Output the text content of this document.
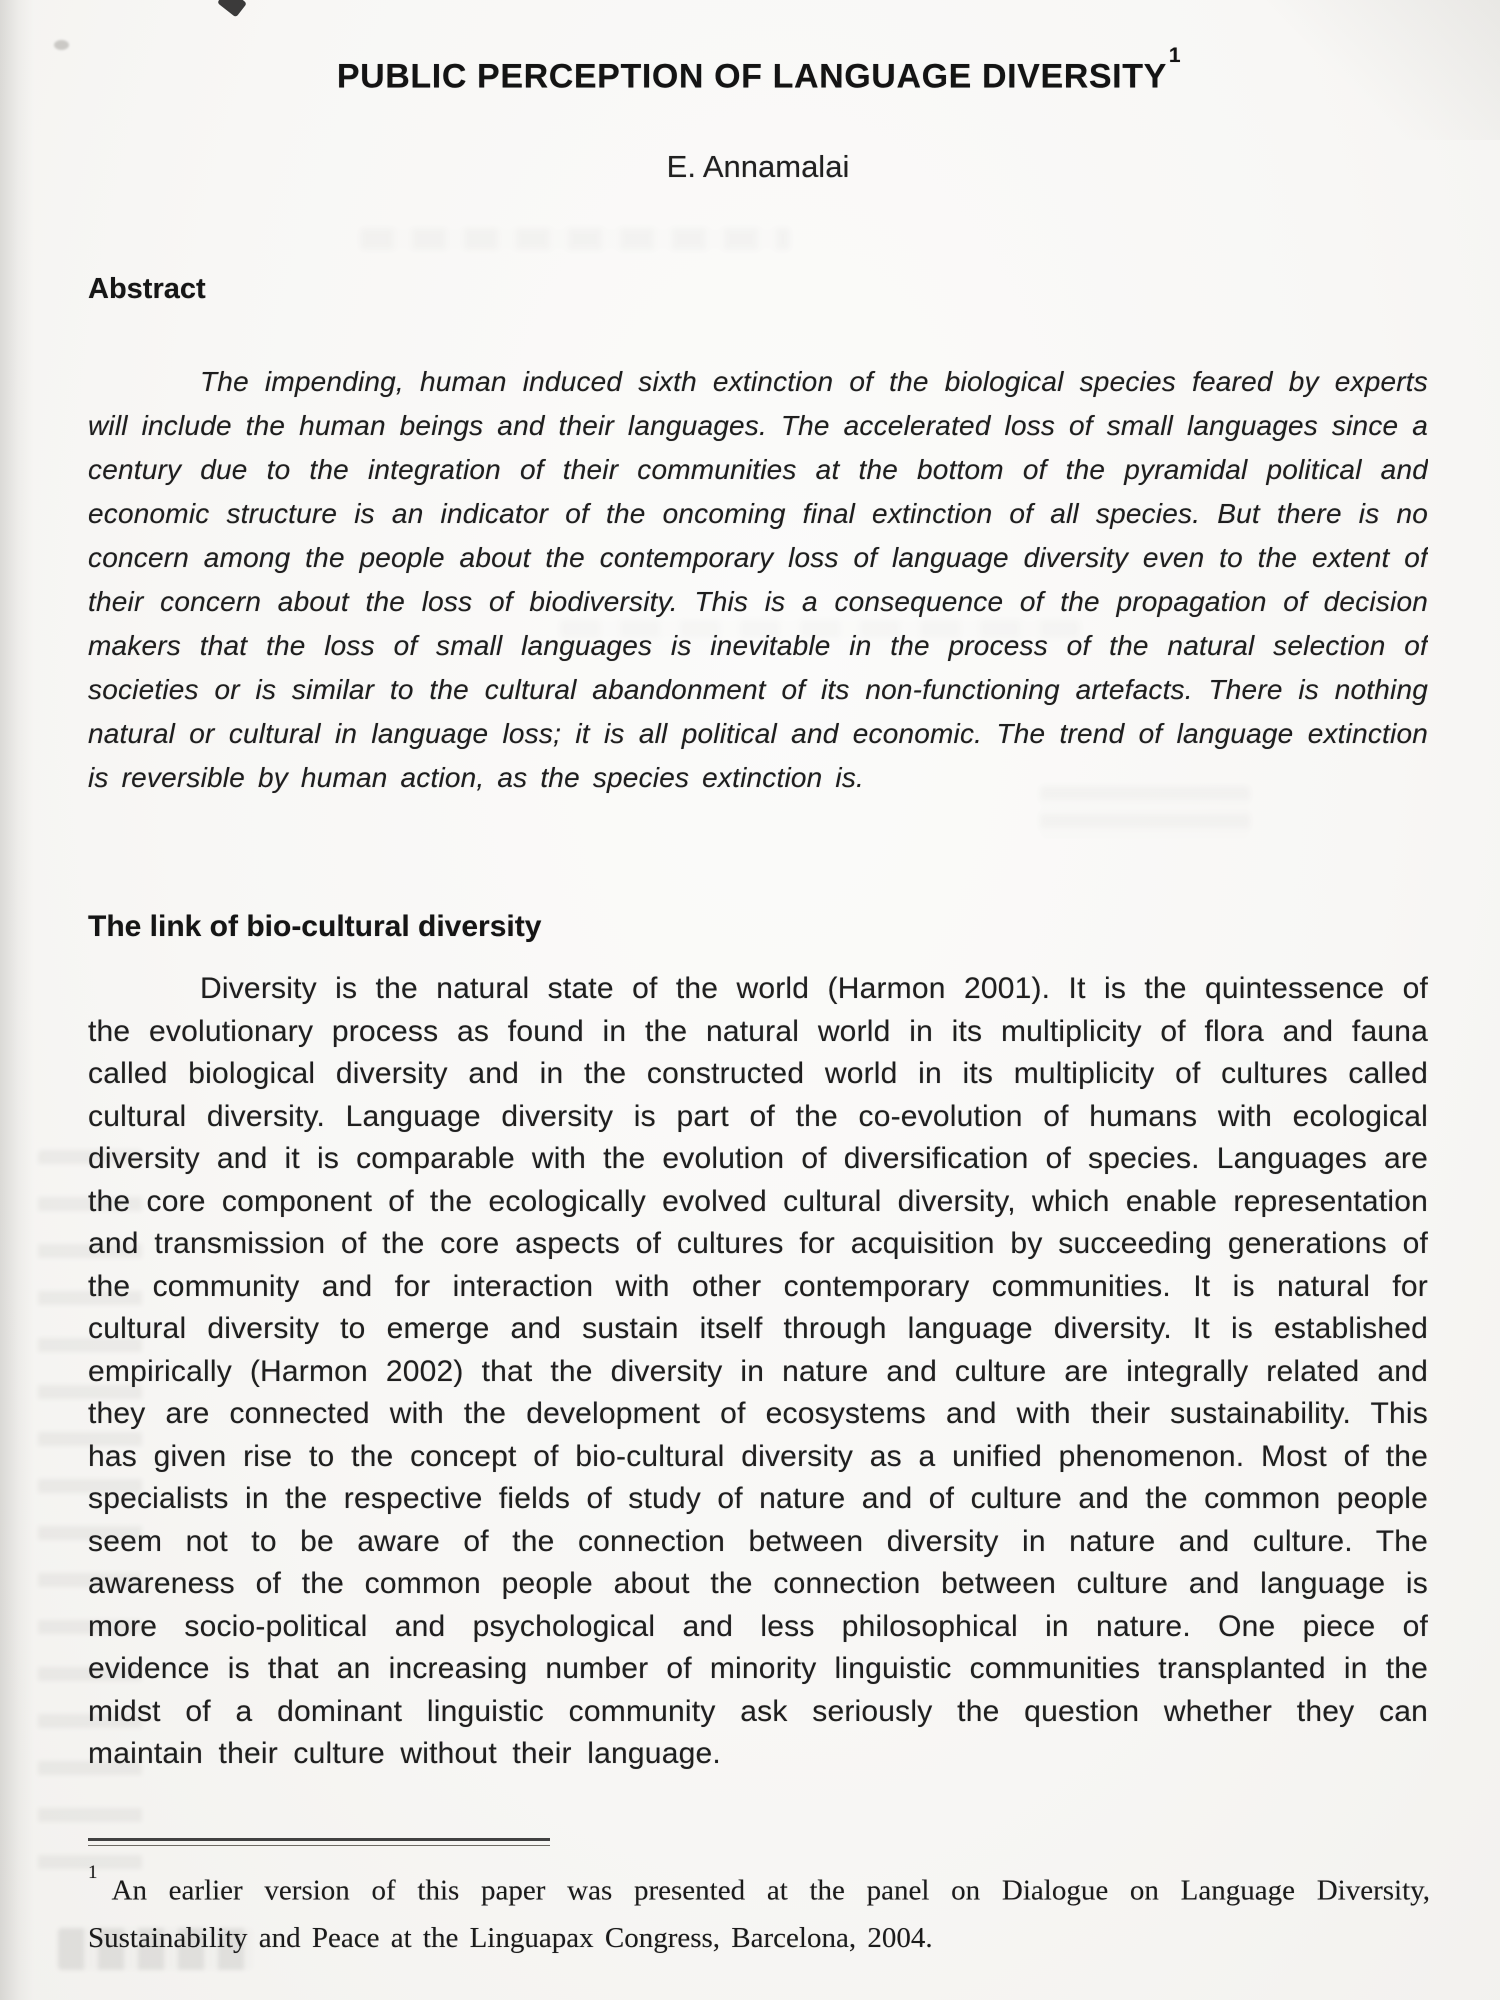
PUBLIC PERCEPTION OF LANGUAGE DIVERSITY$^1$
E. Annamalai
Abstract

The impending, human induced sixth extinction of the biological species feared by experts will include the human beings and their languages. The accelerated loss of small languages since a century due to the integration of their communities at the bottom of the pyramidal political and economic structure is an indicator of the oncoming final extinction of all species. But there is no concern among the people about the contemporary loss of language diversity even to the extent of their concern about the loss of biodiversity. This is a consequence of the propagation of decision makers that the loss of small languages is inevitable in the process of the natural selection of societies or is similar to the cultural abandonment of its non-functioning artefacts. There is nothing natural or cultural in language loss; it is all political and economic. The trend of language extinction is reversible by human action, as the species extinction is.

The link of bio-cultural diversity

Diversity is the natural state of the world (Harmon 2001). It is the quintessence of the evolutionary process as found in the natural world in its multiplicity of flora and fauna called biological diversity and in the constructed world in its multiplicity of cultures called cultural diversity. Language diversity is part of the co-evolution of humans with ecological diversity and it is comparable with the evolution of diversification of species. Languages are the core component of the ecologically evolved cultural diversity, which enable representation and transmission of the core aspects of cultures for acquisition by succeeding generations of the community and for interaction with other contemporary communities. It is natural for cultural diversity to emerge and sustain itself through language diversity. It is established empirically (Harmon 2002) that the diversity in nature and culture are integrally related and they are connected with the development of ecosystems and with their sustainability. This has given rise to the concept of bio-cultural diversity as a unified phenomenon. Most of the specialists in the respective fields of study of nature and of culture and the common people seem not to be aware of the connection between diversity in nature and culture. The awareness of the common people about the connection between culture and language is more socio-political and psychological and less philosophical in nature. One piece of evidence is that an increasing number of minority linguistic communities transplanted in the midst of a dominant linguistic community ask seriously the question whether they can maintain their culture without their language.

$^1$An earlier version of this paper was presented at the panel on Dialogue on Language Diversity, Sustainability and Peace at the Linguapax Congress, Barcelona, 2004.
